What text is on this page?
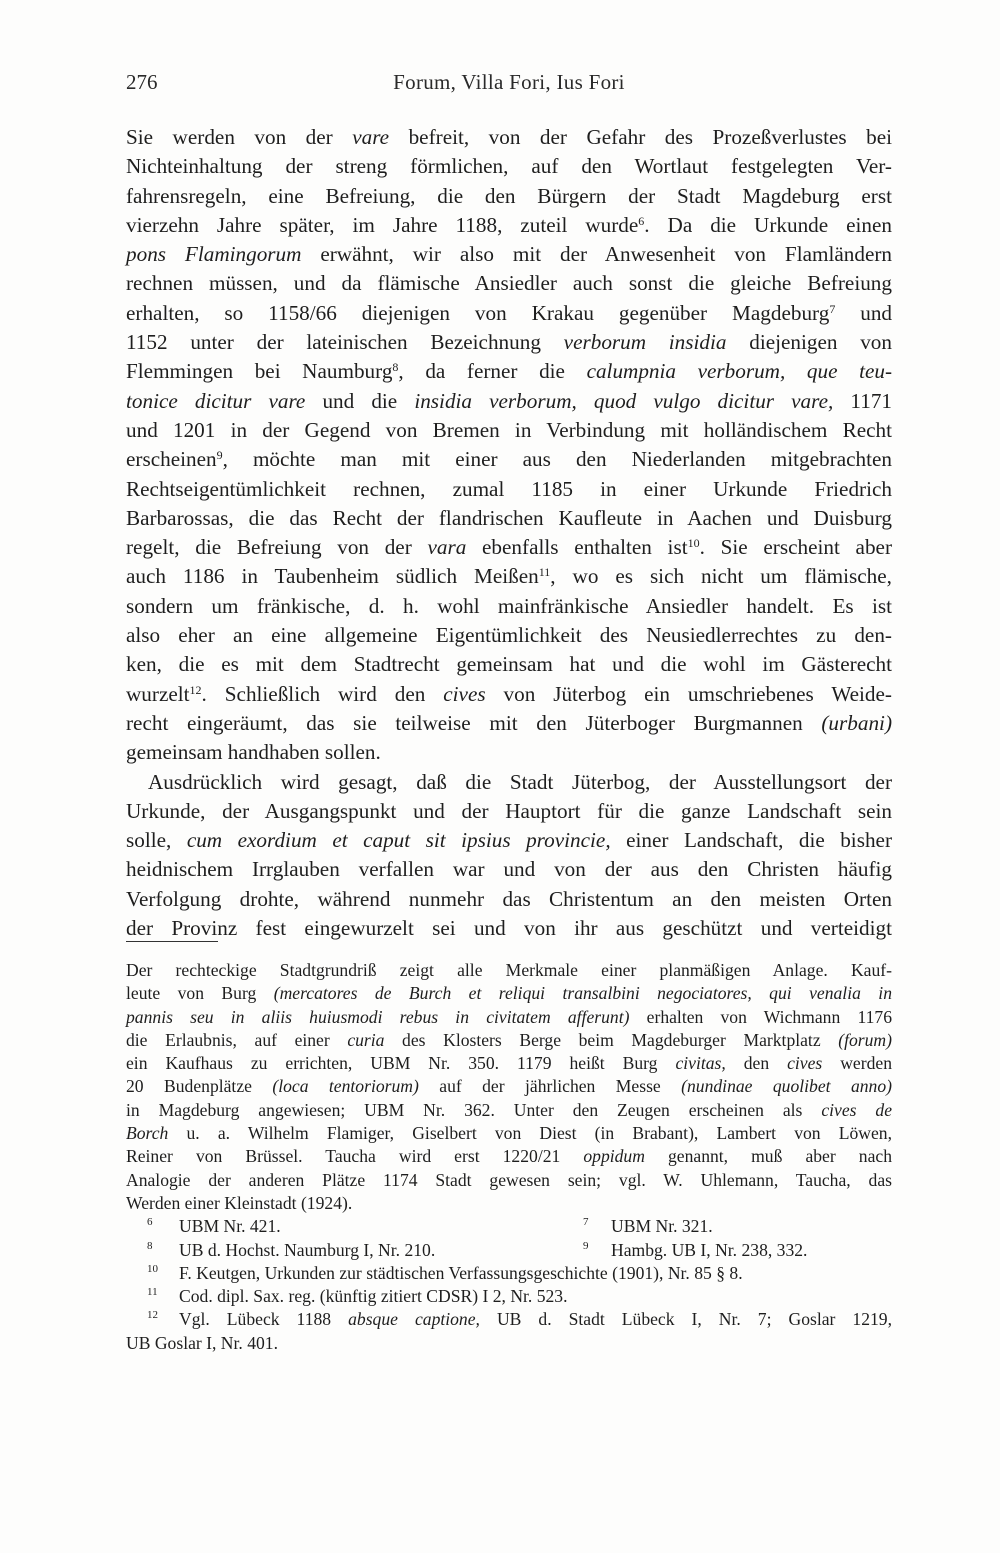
276	Forum, Villa Fori, Ius Fori
Sie werden von der vare befreit, von der Gefahr des Prozeßverlustes bei
Nichteinhaltung der streng förmlichen, auf den Wortlaut festgelegten Ver-
fahrensregeln, eine Befreiung, die den Bürgern der Stadt Magdeburg erst
vierzehn Jahre später, im Jahre 1188, zuteil wurde$^6$. Da die Urkunde einen
pons Flamingorum erwähnt, wir also mit der Anwesenheit von Flamländern
rechnen müssen, und da flämische Ansiedler auch sonst die gleiche Befreiung
erhalten, so 1158/66 diejenigen von Krakau gegenüber Magdeburg$^7$ und
1152 unter der lateinischen Bezeichnung verborum insidia diejenigen von
Flemmingen bei Naumburg$^8$, da ferner die calumpnia verborum, que teu-
tonice dicitur vare und die insidia verborum, quod vulgo dicitur vare, 1171
und 1201 in der Gegend von Bremen in Verbindung mit holländischem Recht
erscheinen$^9$, möchte man mit einer aus den Niederlanden mitgebrachten
Rechtseigentümlichkeit rechnen, zumal 1185 in einer Urkunde Friedrich
Barbarossas, die das Recht der flandrischen Kaufleute in Aachen und Duisburg
regelt, die Befreiung von der vara ebenfalls enthalten ist$^{10}$. Sie erscheint aber
auch 1186 in Taubenheim südlich Meißen$^{11}$, wo es sich nicht um flämische,
sondern um fränkische, d. h. wohl mainfränkische Ansiedler handelt. Es ist
also eher an eine allgemeine Eigentümlichkeit des Neusiedlerrechtes zu den-
ken, die es mit dem Stadtrecht gemeinsam hat und die wohl im Gästerecht
wurzelt$^{12}$. Schließlich wird den cives von Jüterbog ein umschriebenes Weide-
recht eingeräumt, das sie teilweise mit den Jüterboger Burgmannen (urbani)
gemeinsam handhaben sollen.
Ausdrücklich wird gesagt, daß die Stadt Jüterbog, der Ausstellungsort der
Urkunde, der Ausgangspunkt und der Hauptort für die ganze Landschaft sein
solle, cum exordium et caput sit ipsius provincie, einer Landschaft, die bisher
heidnischem Irrglauben verfallen war und von der aus den Christen häufig
Verfolgung drohte, während nunmehr das Christentum an den meisten Orten
der Provinz fest eingewurzelt sei und von ihr aus geschützt und verteidigt
Der rechteckige Stadtgrundriß zeigt alle Merkmale einer planmäßigen Anlage. Kauf-
leute von Burg (mercatores de Burch et reliqui transalbini negociatores, qui venalia in
pannis seu in aliis huiusmodi rebus in civitatem afferunt) erhalten von Wichmann 1176
die Erlaubnis, auf einer curia des Klosters Berge beim Magdeburger Marktplatz (forum)
ein Kaufhaus zu errichten, UBM Nr. 350. 1179 heißt Burg civitas, den cives werden
20 Budenplätze (loca tentoriorum) auf der jährlichen Messe (nundinae quolibet anno)
in Magdeburg angewiesen; UBM Nr. 362. Unter den Zeugen erscheinen als cives de
Borch u. a. Wilhelm Flamiger, Giselbert von Diest (in Brabant), Lambert von Löwen,
Reiner von Brüssel. Taucha wird erst 1220/21 oppidum genannt, muß aber nach
Analogie der anderen Plätze 1174 Stadt gewesen sein; vgl. W. Uhlemann, Taucha, das
Werden einer Kleinstadt (1924).
6 UBM Nr. 421.	7 UBM Nr. 321.
8 UB d. Hochst. Naumburg I, Nr. 210.	9 Hambg. UB I, Nr. 238, 332.
10 F. Keutgen, Urkunden zur städtischen Verfassungsgeschichte (1901), Nr. 85 § 8.
11 Cod. dipl. Sax. reg. (künftig zitiert CDSR) I 2, Nr. 523.
12 Vgl. Lübeck 1188 absque captione, UB d. Stadt Lübeck I, Nr. 7; Goslar 1219,
UB Goslar I, Nr. 401.
